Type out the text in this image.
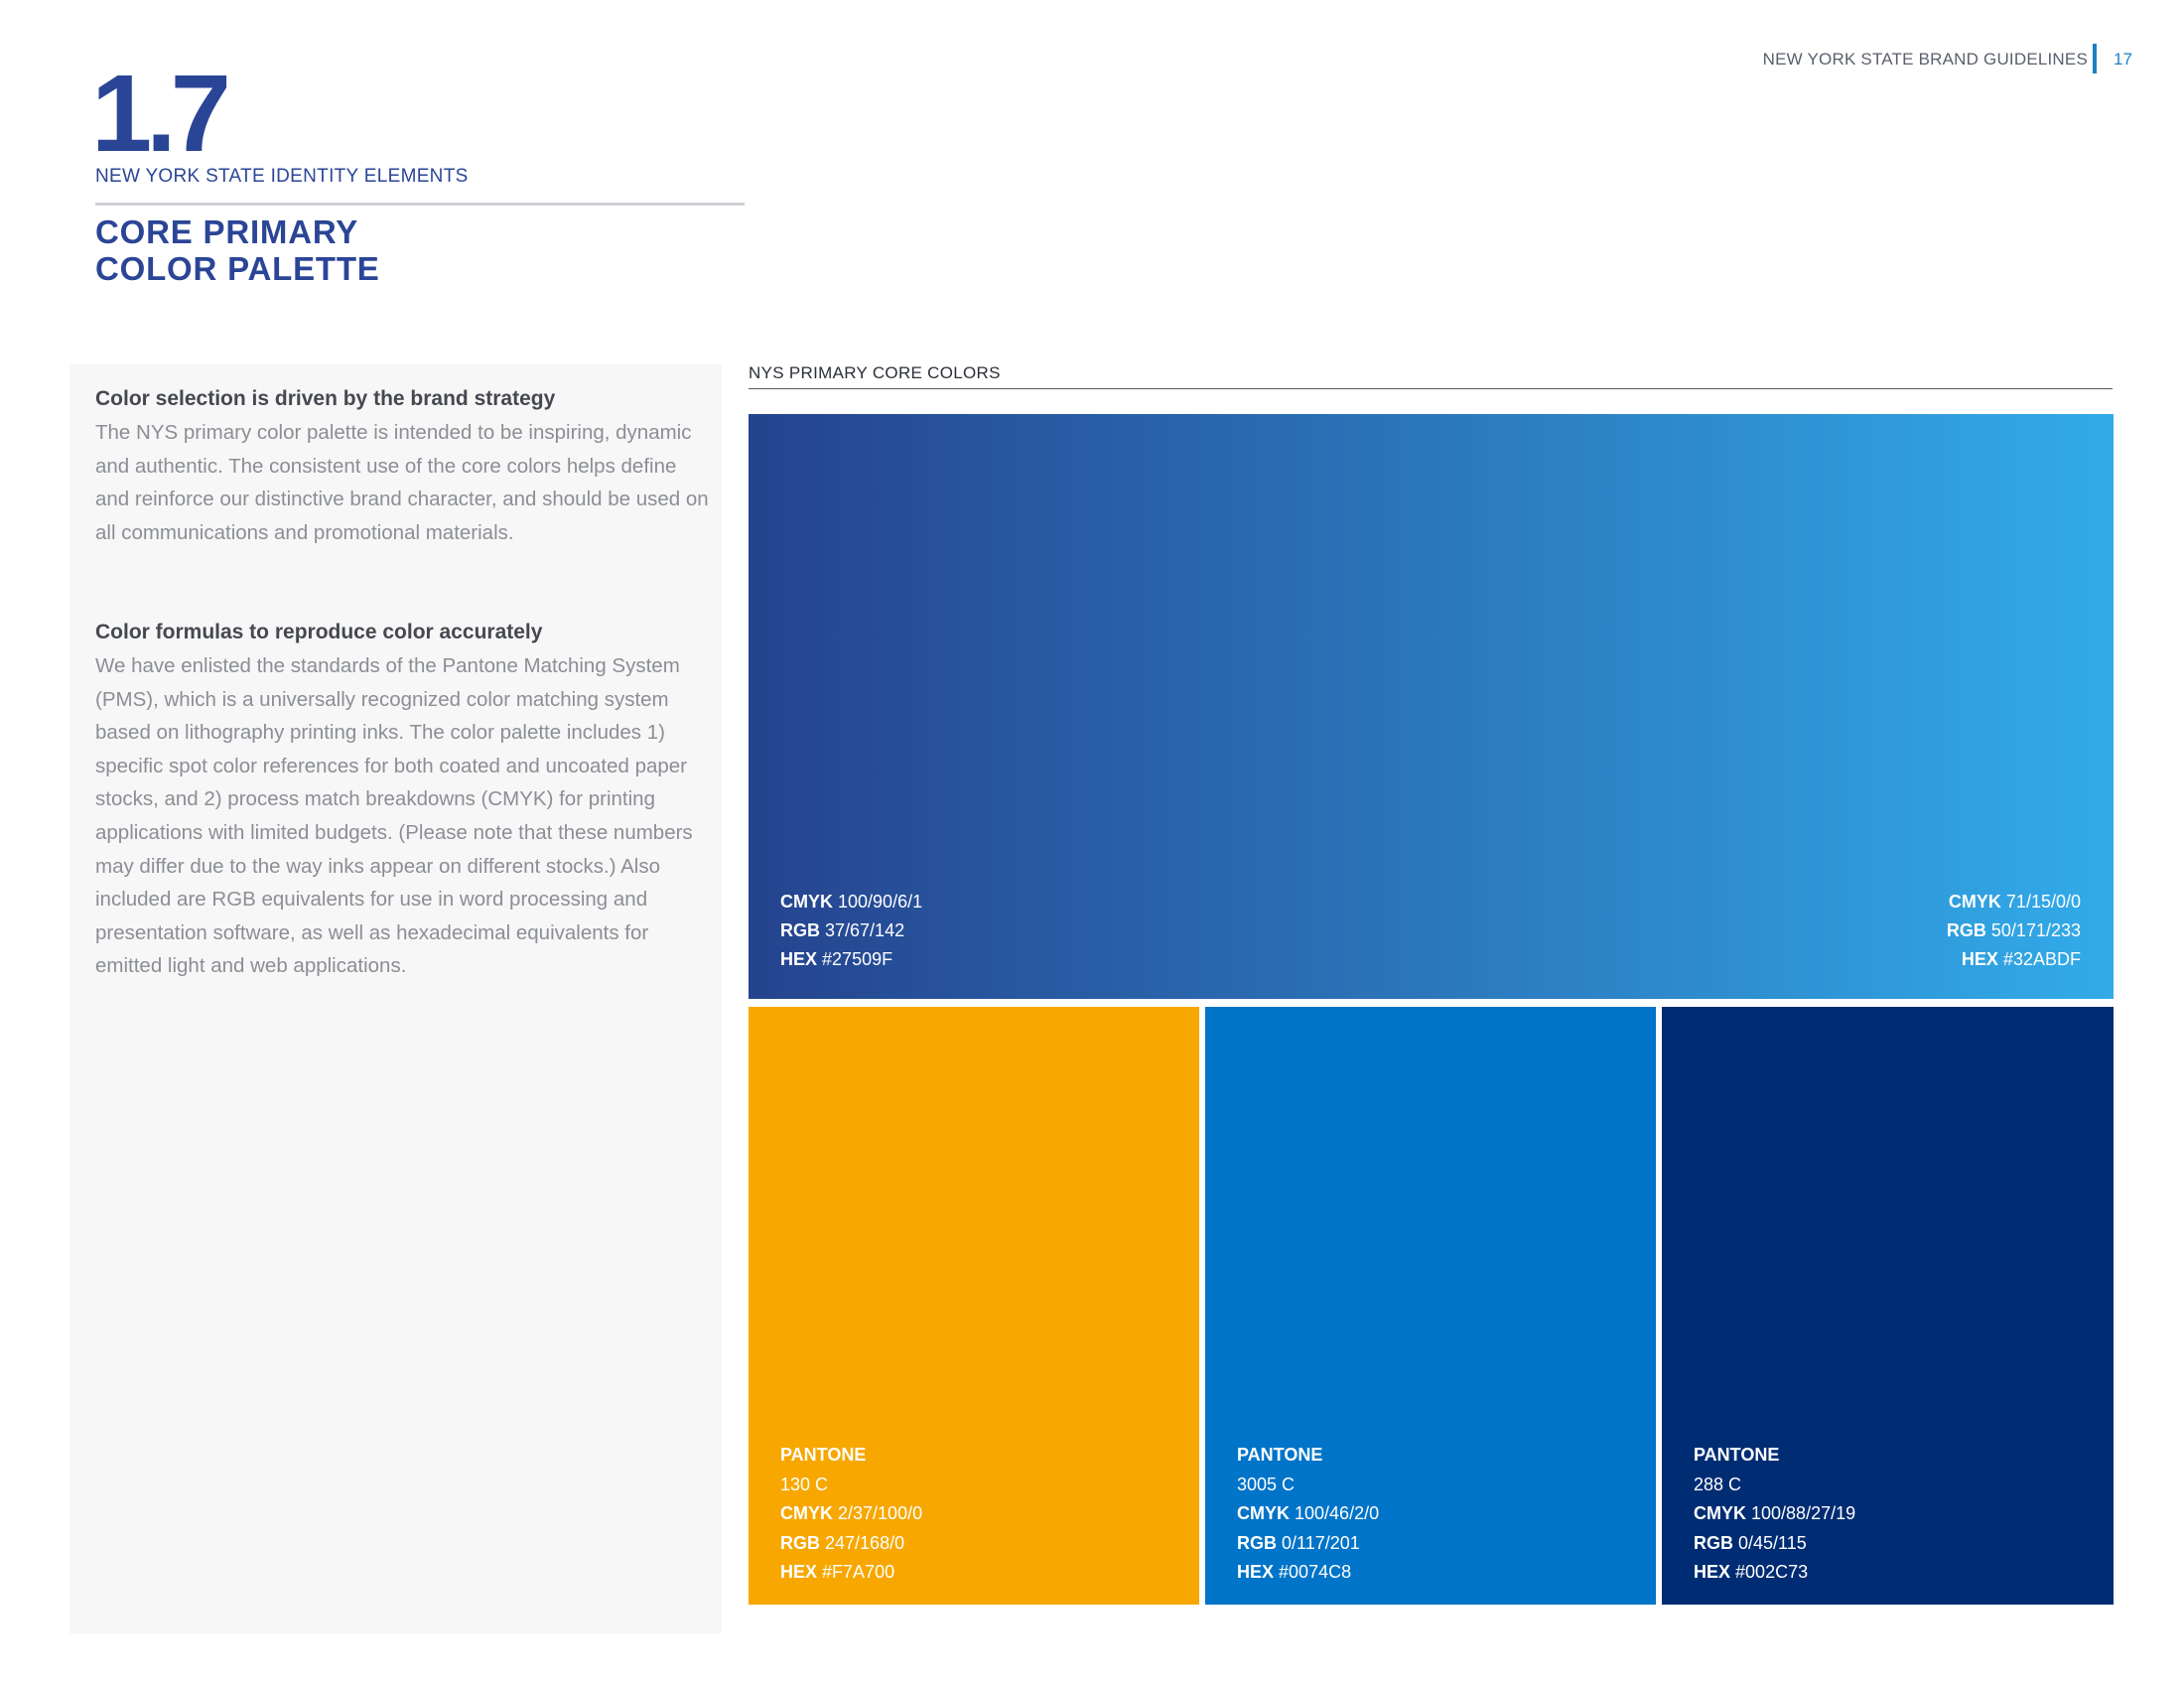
NEW YORK STATE BRAND GUIDELINES 17
1.7
NEW YORK STATE IDENTITY ELEMENTS
CORE PRIMARY
COLOR PALETTE
Color selection is driven by the brand strategy

The NYS primary color palette is intended to be inspiring, dynamic and authentic. The consistent use of the core colors helps define and reinforce our distinctive brand character, and should be used on all communications and promotional materials.

Color formulas to reproduce color accurately

We have enlisted the standards of the Pantone Matching System (PMS), which is a universally recognized color matching system based on lithography printing inks. The color palette includes 1) specific spot color references for both coated and uncoated paper stocks, and 2) process match breakdowns (CMYK) for printing applications with limited budgets. (Please note that these numbers may differ due to the way inks appear on different stocks.) Also included are RGB equivalents for use in word processing and presentation software, as well as hexadecimal equivalents for emitted light and web applications.

NYS PRIMARY CORE COLORS
CMYK 100/90/6/1
RGB 37/67/142
HEX #27509F
CMYK 71/15/0/0
RGB 50/171/233
HEX #32ABDF
PANTONE
130 C
CMYK 2/37/100/0
RGB 247/168/0
HEX #F7A700
PANTONE
3005 C
CMYK 100/46/2/0
RGB 0/117/201
HEX #0074C8
PANTONE
288 C
CMYK 100/88/27/19
RGB 0/45/115
HEX #002C73
